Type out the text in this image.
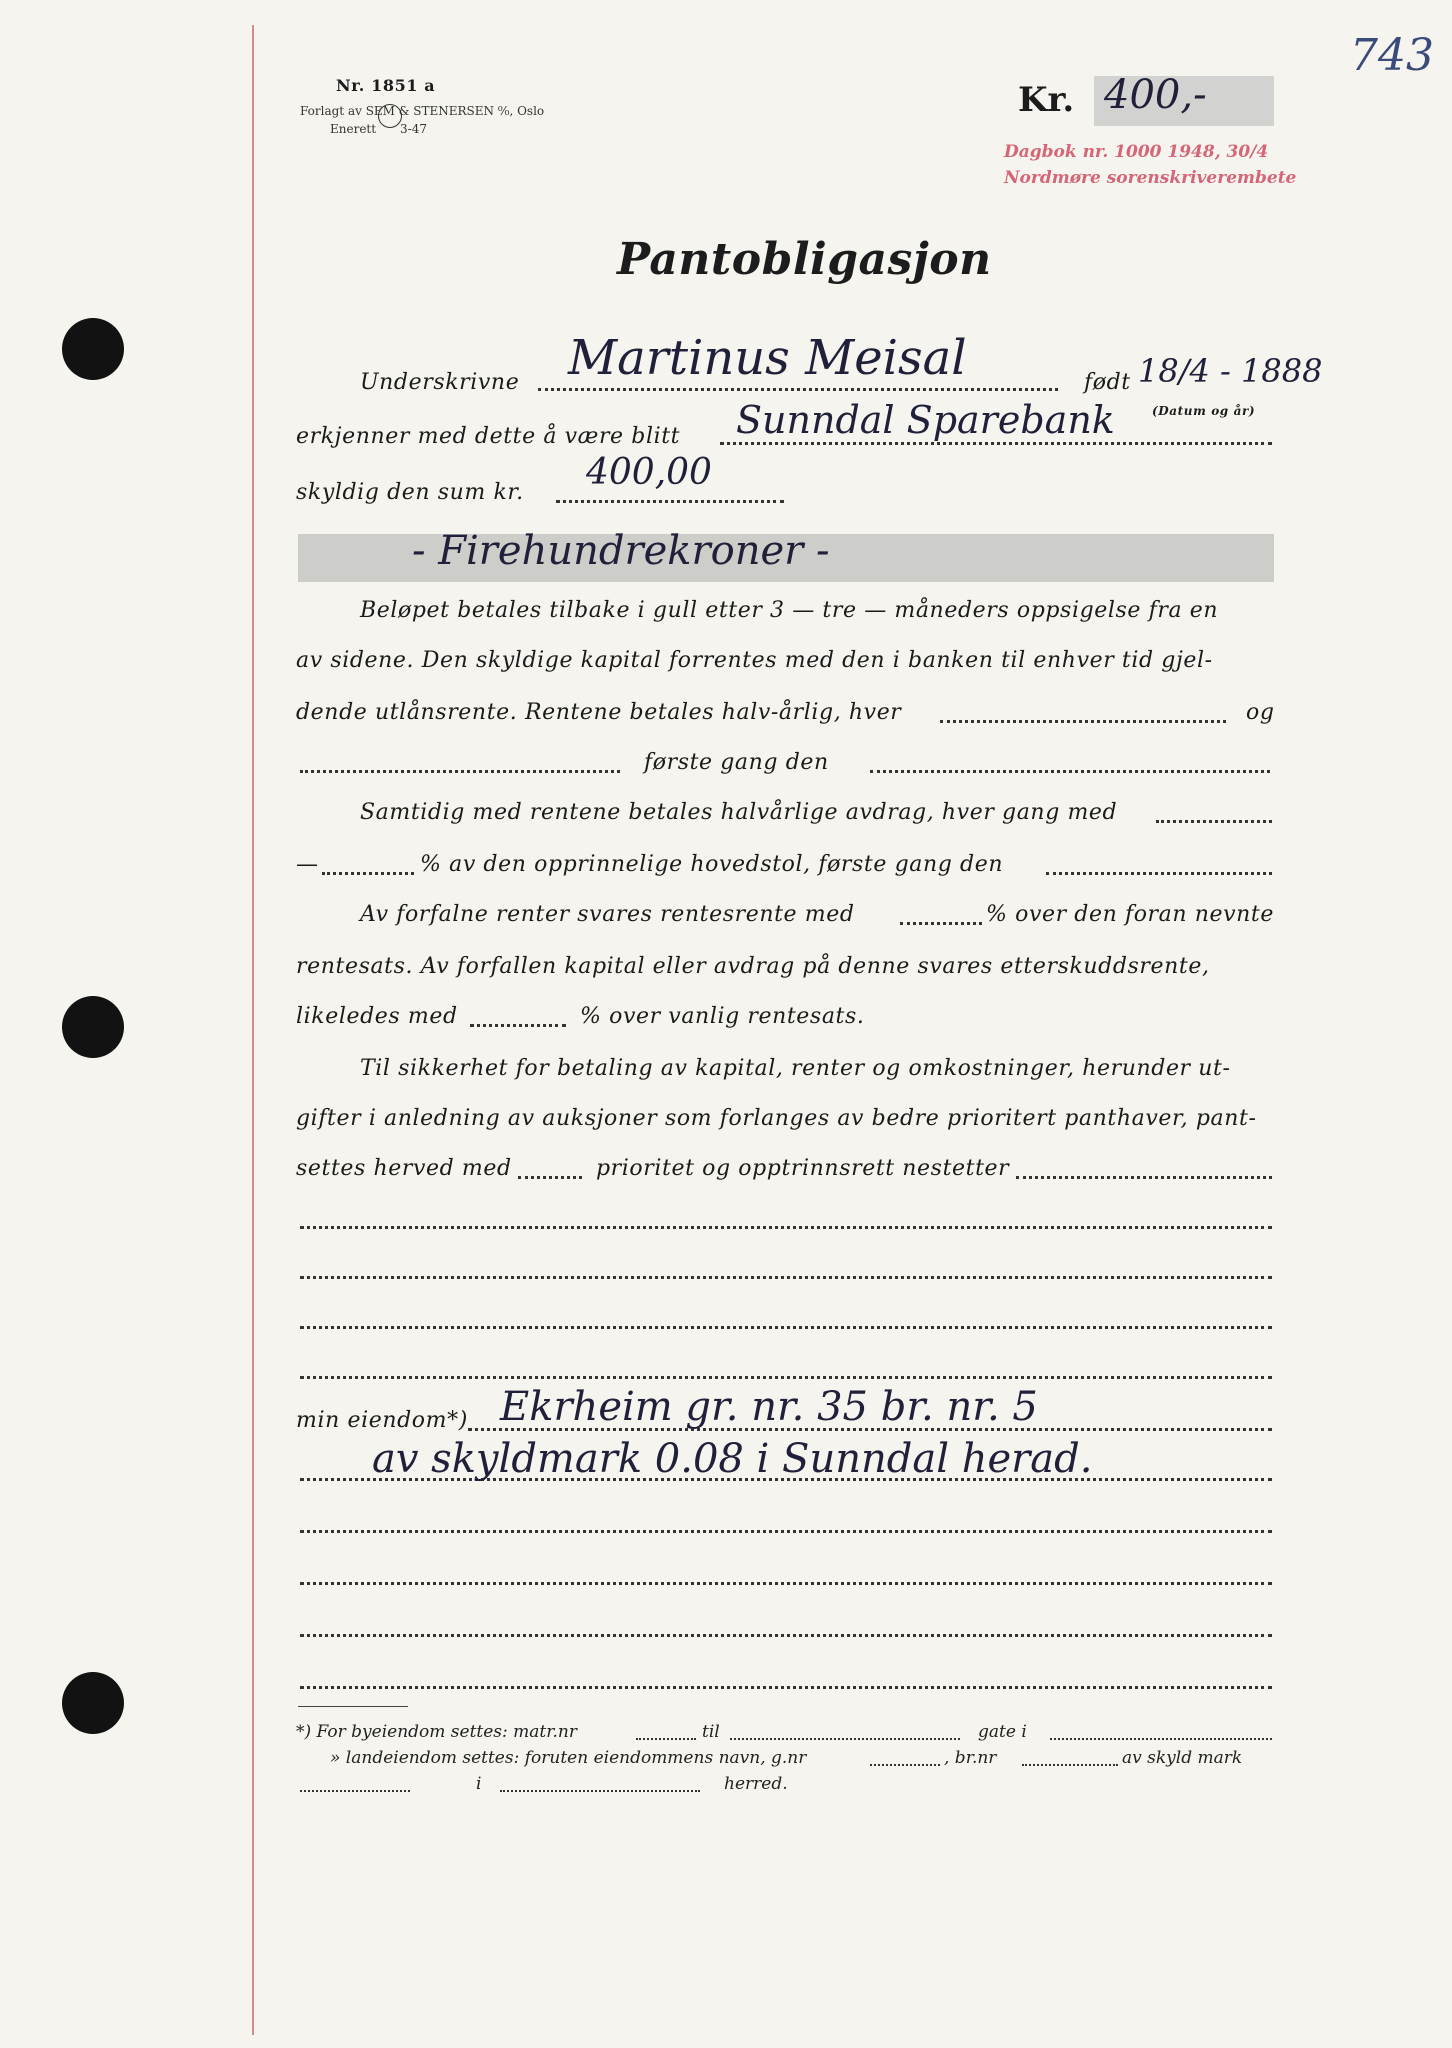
Nr. 1851 a
Forlagt av SEM & STENERSEN ⁰⁄₀, Oslo
Enerett 3-47
Kr. 400,-
Dagbok nr. 1000 1948, 30/4
Nordmøre sorenskriverembete
743
Pantobligasjon
Underskrivne Martinus Meisal	født 18/4 - 1888
(Datum og år)
erkjenner med dette å være blitt Sunndal Sparebank
skyldig den sum kr. 400,00
- Firehundrekroner -
Beløpet betales tilbake i gull etter 3 — tre — måneders oppsigelse fra en
av sidene. Den skyldige kapital forrentes med den i banken til enhver tid gjel-
dende utlånsrente. Rentene betales halv-årlig, hver	og
første gang den
Samtidig med rentene betales halvårlige avdrag, hver gang med
—	% av den opprinnelige hovedstol, første gang den
Av forfalne renter svares rentesrente med	% over den foran nevnte
rentesats. Av forfallen kapital eller avdrag på denne svares etterskuddsrente,
likeledes med	% over vanlig rentesats.
Til sikkerhet for betaling av kapital, renter og omkostninger, herunder ut-
gifter i anledning av auksjoner som forlanges av bedre prioritert panthaver, pant-
settes herved med	prioritet og opptrinnsrett nestetter
min eiendom*) Ekrheim gr. nr. 35 br. nr. 5
av skyldmark 0.08 i Sunndal herad.
*) For byeiendom settes: matr.nr	til	gate i
» landeiendom settes: foruten eiendommens navn, g.nr	, br.nr	av skyld mark
i	herred.
